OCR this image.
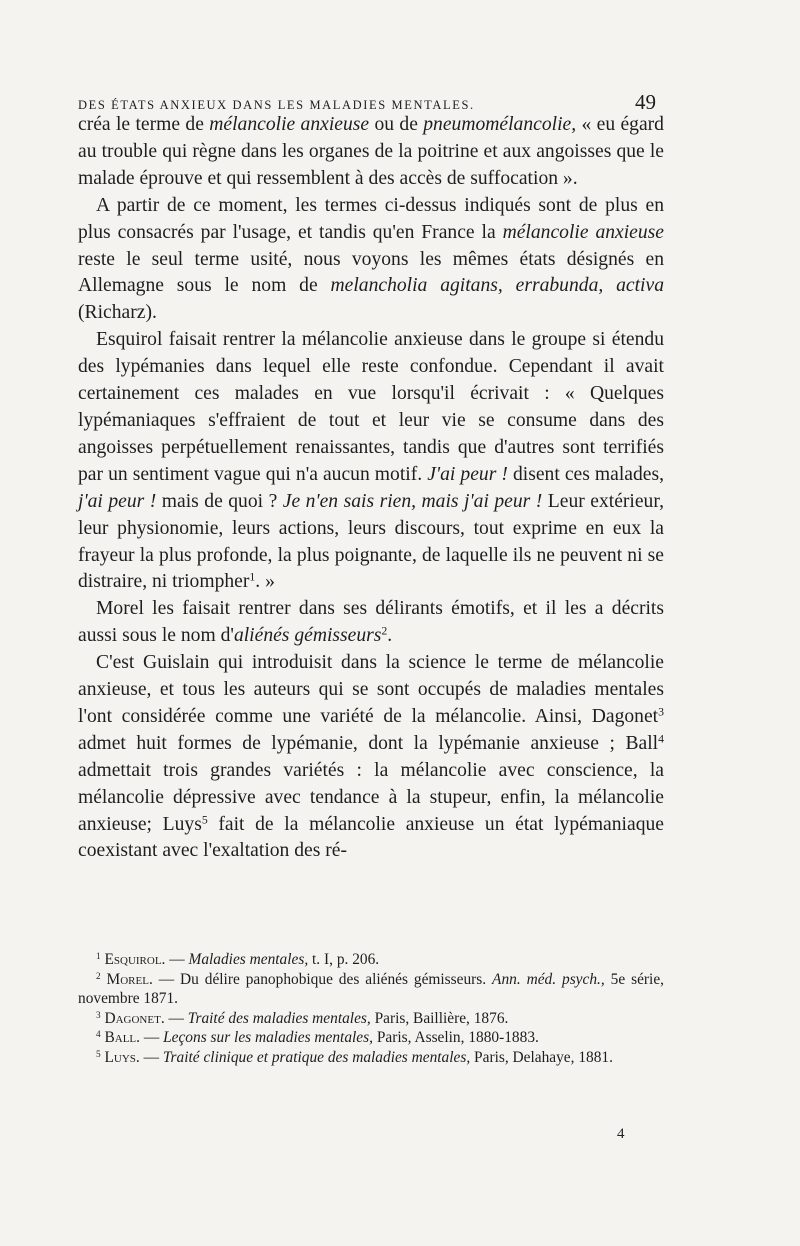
DES ÉTATS ANXIEUX DANS LES MALADIES MENTALES.	49

créa le terme de mélancolie anxieuse ou de pneumomélancolie, « eu égard au trouble qui règne dans les organes de la poitrine et aux angoisses que le malade éprouve et qui ressemblent à des accès de suffocation ».

A partir de ce moment, les termes ci-dessus indiqués sont de plus en plus consacrés par l'usage, et tandis qu'en France la mélancolie anxieuse reste le seul terme usité, nous voyons les mêmes états désignés en Allemagne sous le nom de melancholia agitans, errabunda, activa (Richarz).

Esquirol faisait rentrer la mélancolie anxieuse dans le groupe si étendu des lypémanies dans lequel elle reste confondue. Cependant il avait certainement ces malades en vue lorsqu'il écrivait : « Quelques lypémaniaques s'effraient de tout et leur vie se consume dans des angoisses perpétuellement renaissantes, tandis que d'autres sont terrifiés par un sentiment vague qui n'a aucun motif. J'ai peur ! disent ces malades, j'ai peur ! mais de quoi ? Je n'en sais rien, mais j'ai peur ! Leur extérieur, leur physionomie, leurs actions, leurs discours, tout exprime en eux la frayeur la plus profonde, la plus poignante, de laquelle ils ne peuvent ni se distraire, ni triompher$^1$. »

Morel les faisait rentrer dans ses délirants émotifs, et il les a décrits aussi sous le nom d'aliénés gémisseurs$^2$.

C'est Guislain qui introduisit dans la science le terme de mélancolie anxieuse, et tous les auteurs qui se sont occupés de maladies mentales l'ont considérée comme une variété de la mélancolie. Ainsi, Dagonet$^3$ admet huit formes de lypémanie, dont la lypémanie anxieuse ; Ball$^4$ admettait trois grandes variétés : la mélancolie avec conscience, la mélancolie dépressive avec tendance à la stupeur, enfin, la mélancolie anxieuse; Luys$^5$ fait de la mélancolie anxieuse un état lypémaniaque coexistant avec l'exaltation des ré-

$^1$ Esquirol. — Maladies mentales, t. I, p. 206.

$^2$ Morel. — Du délire panophobique des aliénés gémisseurs. Ann. méd. psych., 5e série, novembre 1871.

$^3$ Dagonet. — Traité des maladies mentales, Paris, Baillière, 1876.

$^4$ Ball. — Leçons sur les maladies mentales, Paris, Asselin, 1880-1883.

$^5$ Luys. — Traité clinique et pratique des maladies mentales, Paris, Delahaye, 1881.

4
